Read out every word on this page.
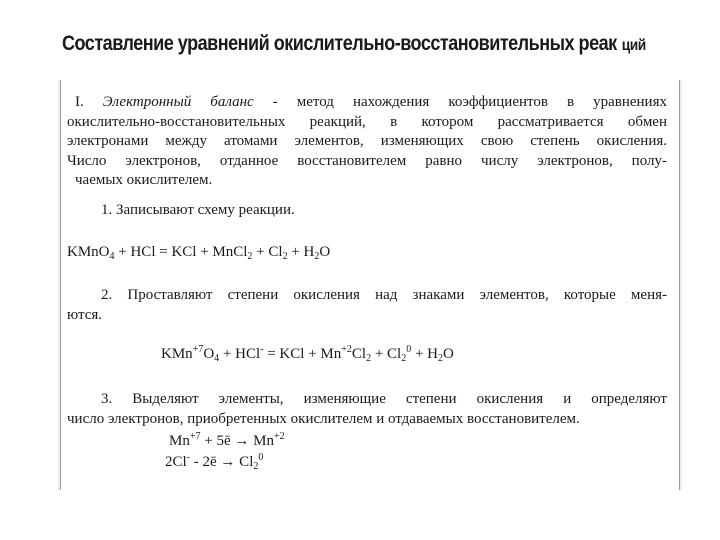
Составление уравнений окислительно-восстановительных реак ций
I. Электронный баланс - метод нахождения коэффициентов в уравнениях
окислительно-восстановительных реакций, в котором рассматривается обмен
электронами между атомами элементов, изменяющих свою степень окисления.
Число электронов, отданное восстановителем равно числу электронов, полу-
чаемых окислителем.
1. Записывают схему реакции.
KMnO$_4$ + HCl = KCl + MnCl$_2$ + $Cl_2 + H_2O$
2. Проставляют степени окисления над знаками элементов, которые меня-
ются.
$KMn^{+7}O_4 + HCl^-$ = KCl + $Mn^{+2}Cl_2 + Cl_2^0 + H_2O$
3. Выделяют элементы, изменяющие степени окисления и определяют
число электронов, приобретенных окислителем и отдаваемых восстановителем.
$Mn^{+7}$ + 5ē → $Mn^{+2}$
2Cl- - 2ē → $Cl_2^0$
